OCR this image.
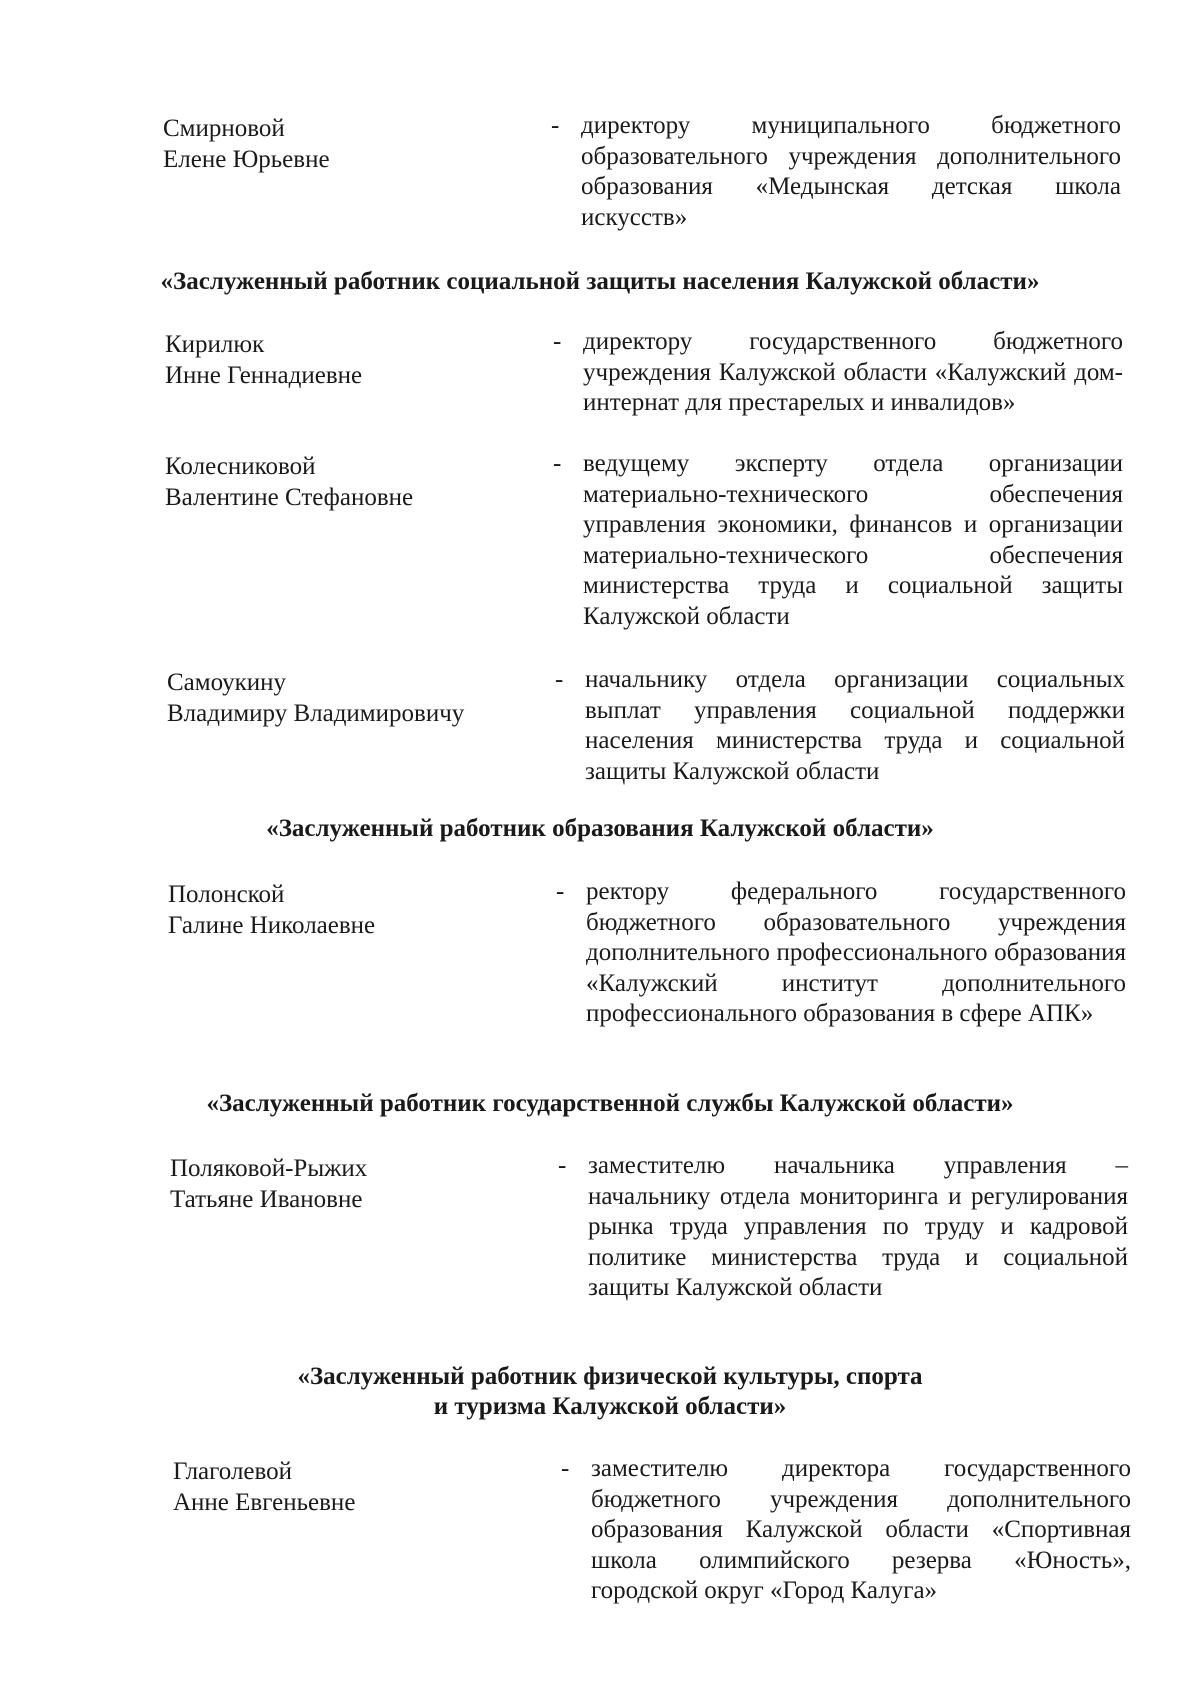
Смирновой
Елене Юрьевне
- директору муниципального бюджетного образовательного учреждения дополнительного образования «Медынская детская школа искусств»
«Заслуженный работник социальной защиты населения Калужской области»
Кирилюк
Инне Геннадиевне
- директору государственного бюджетного учреждения Калужской области «Калужский дом-интернат для престарелых и инвалидов»
Колесниковой
Валентине Стефановне
- ведущему эксперту отдела организации материально-технического обеспечения управления экономики, финансов и организации материально-технического обеспечения министерства труда и социальной защиты Калужской области
Самоукину
Владимиру Владимировичу
- начальнику отдела организации социальных выплат управления социальной поддержки населения министерства труда и социальной защиты Калужской области
«Заслуженный работник образования Калужской области»
Полонской
Галине Николаевне
- ректору федерального государственного бюджетного образовательного учреждения дополнительного профессионального образования «Калужский институт дополнительного профессионального образования в сфере АПК»
«Заслуженный работник государственной службы Калужской области»
Поляковой-Рыжих
Татьяне Ивановне
- заместителю начальника управления – начальнику отдела мониторинга и регулирования рынка труда управления по труду и кадровой политике министерства труда и социальной защиты Калужской области
«Заслуженный работник физической культуры, спорта
и туризма Калужской области»
Глаголевой
Анне Евгеньевне
- заместителю директора государственного бюджетного учреждения дополнительного образования Калужской области «Спортивная школа олимпийского резерва «Юность», городской округ «Город Калуга»
